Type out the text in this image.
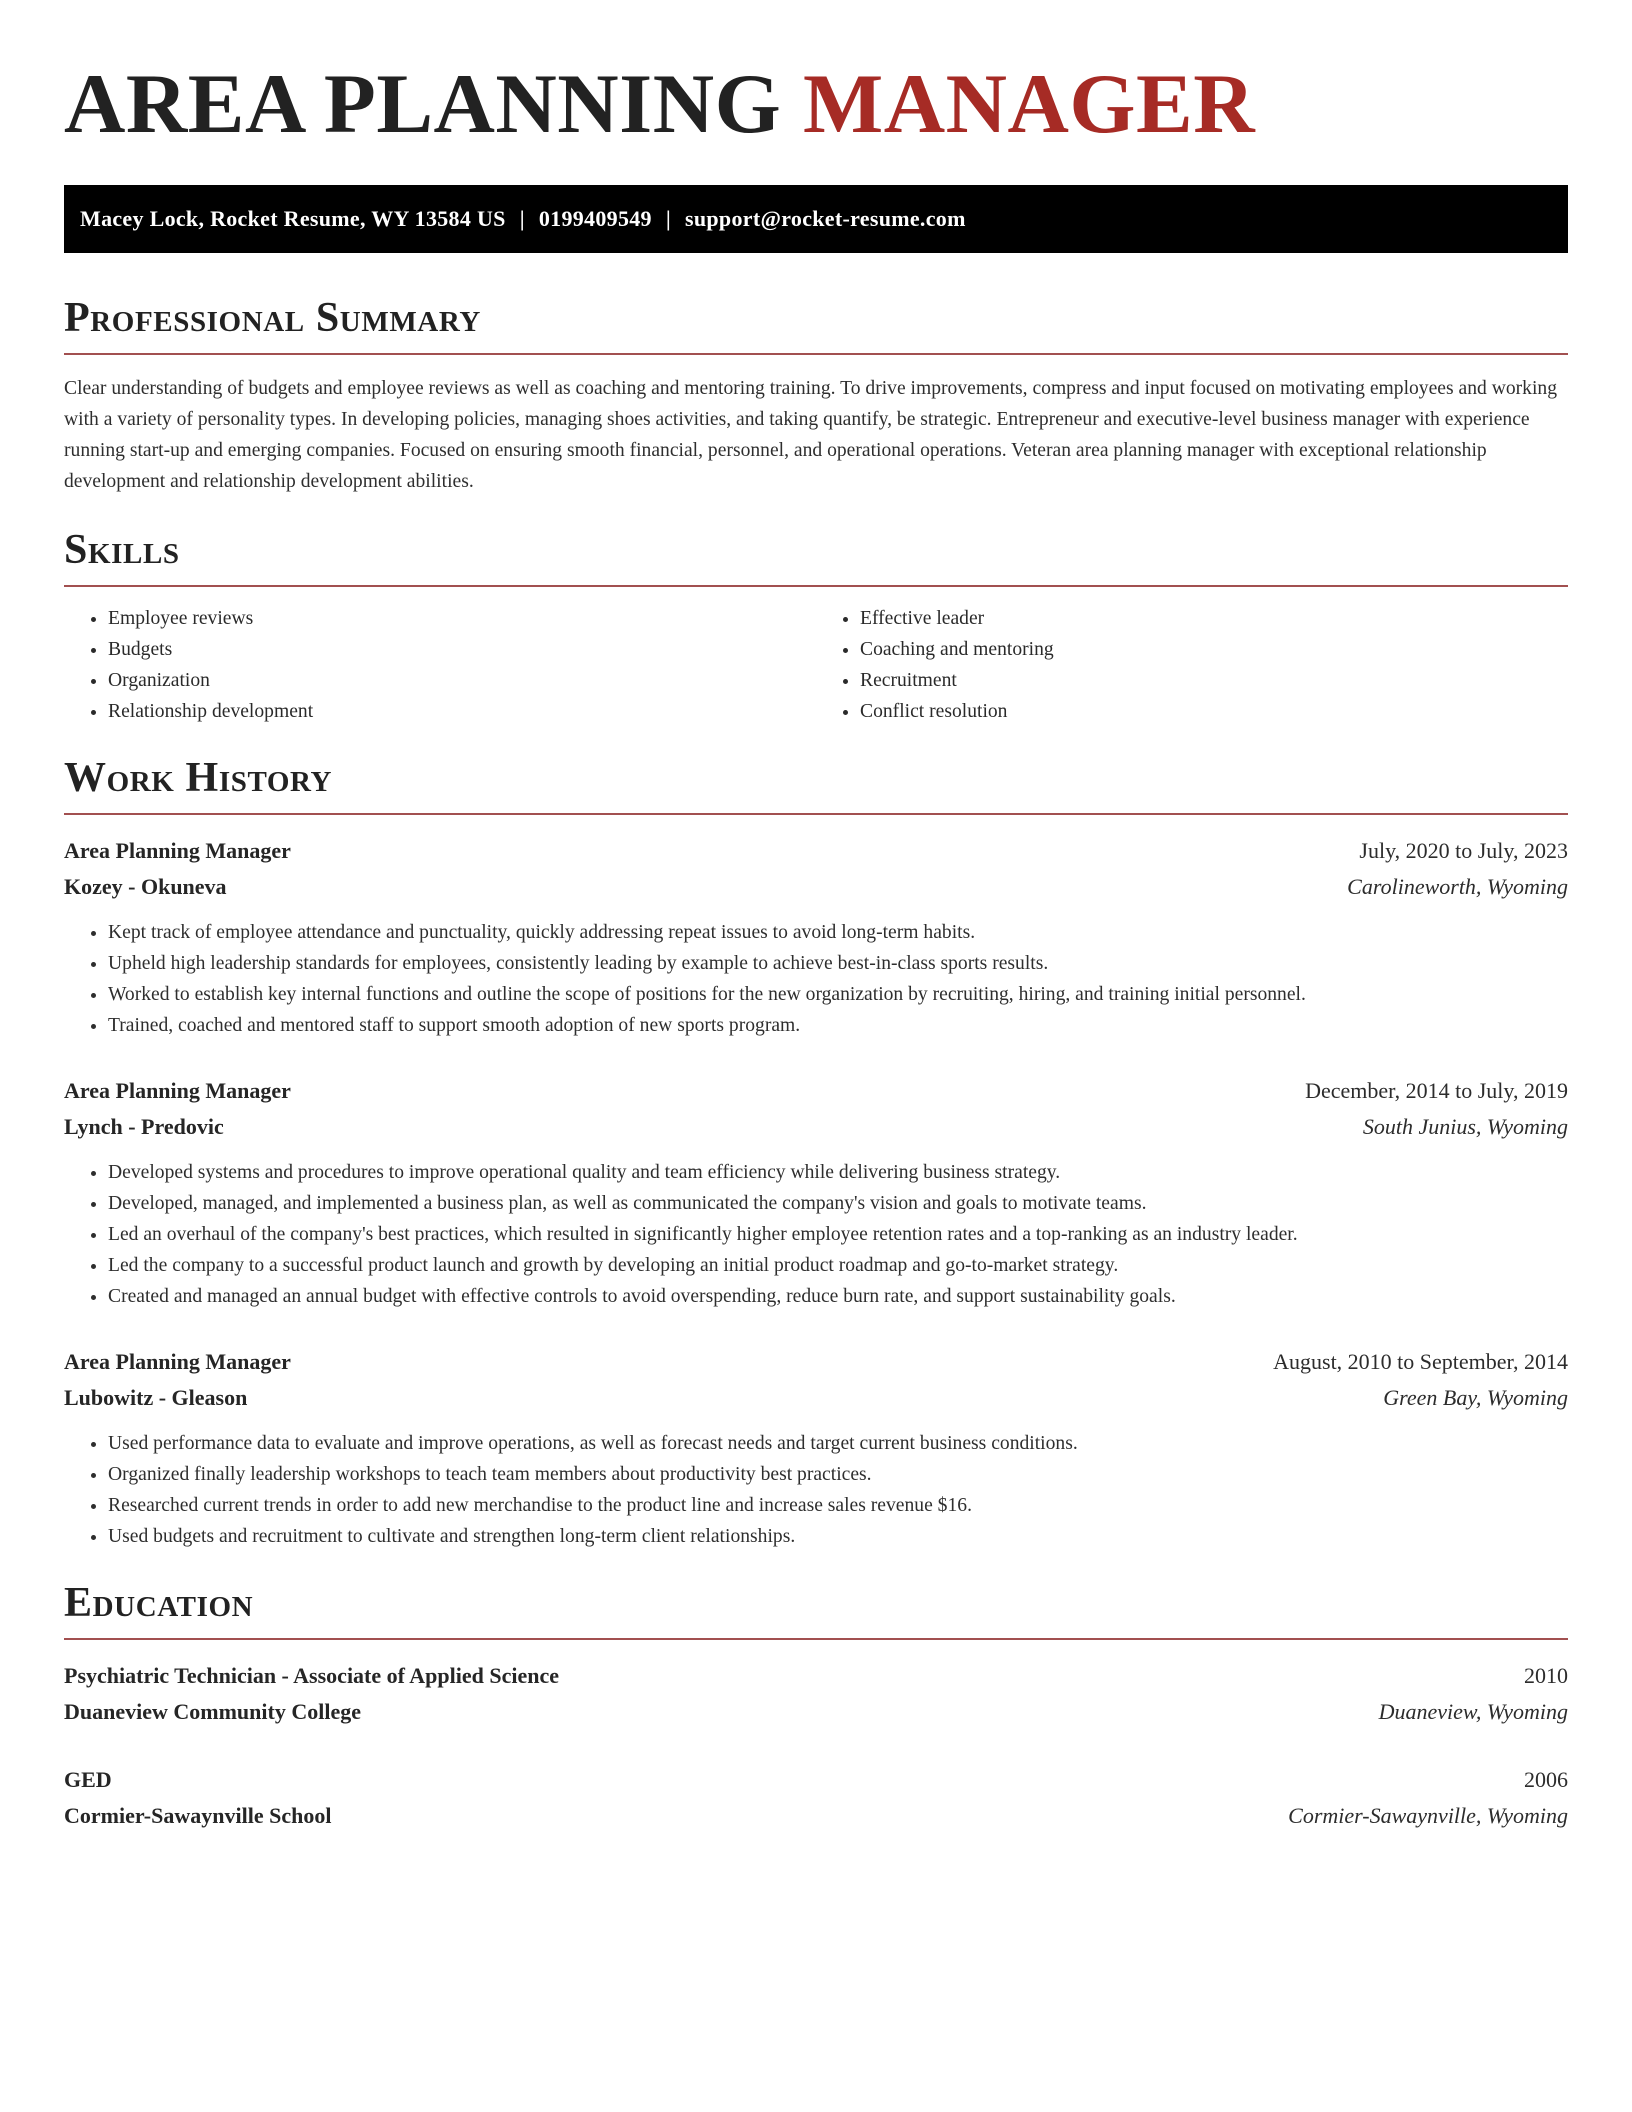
AREA PLANNING MANAGER
Macey Lock, Rocket Resume, WY 13584 US | 0199409549 | support@rocket-resume.com
Professional Summary

Clear understanding of budgets and employee reviews as well as coaching and mentoring training. To drive improvements, compress and input focused on motivating employees and working with a variety of personality types. In developing policies, managing shoes activities, and taking quantify, be strategic. Entrepreneur and executive-level business manager with experience running start-up and emerging companies. Focused on ensuring smooth financial, personnel, and operational operations. Veteran area planning manager with exceptional relationship development and relationship development abilities.

Skills
• Employee reviews
• Budgets
• Organization
• Relationship development
• Effective leader
• Coaching and mentoring
• Recruitment
• Conflict resolution
Work History
Area Planning Manager	July, 2020 to July, 2023
Kozey - Okuneva	Carolineworth, Wyoming
• Kept track of employee attendance and punctuality, quickly addressing repeat issues to avoid long-term habits.
• Upheld high leadership standards for employees, consistently leading by example to achieve best-in-class sports results.
• Worked to establish key internal functions and outline the scope of positions for the new organization by recruiting, hiring, and training initial personnel.
• Trained, coached and mentored staff to support smooth adoption of new sports program.
Area Planning Manager	December, 2014 to July, 2019
Lynch - Predovic	South Junius, Wyoming
• Developed systems and procedures to improve operational quality and team efficiency while delivering business strategy.
• Developed, managed, and implemented a business plan, as well as communicated the company's vision and goals to motivate teams.
• Led an overhaul of the company's best practices, which resulted in significantly higher employee retention rates and a top-ranking as an industry leader.
• Led the company to a successful product launch and growth by developing an initial product roadmap and go-to-market strategy.
• Created and managed an annual budget with effective controls to avoid overspending, reduce burn rate, and support sustainability goals.
Area Planning Manager	August, 2010 to September, 2014
Lubowitz - Gleason	Green Bay, Wyoming
• Used performance data to evaluate and improve operations, as well as forecast needs and target current business conditions.
• Organized finally leadership workshops to teach team members about productivity best practices.
• Researched current trends in order to add new merchandise to the product line and increase sales revenue $16.
• Used budgets and recruitment to cultivate and strengthen long-term client relationships.
Education
Psychiatric Technician - Associate of Applied Science	2010
Duaneview Community College	Duaneview, Wyoming
GED	2006
Cormier-Sawaynville School	Cormier-Sawaynville, Wyoming
